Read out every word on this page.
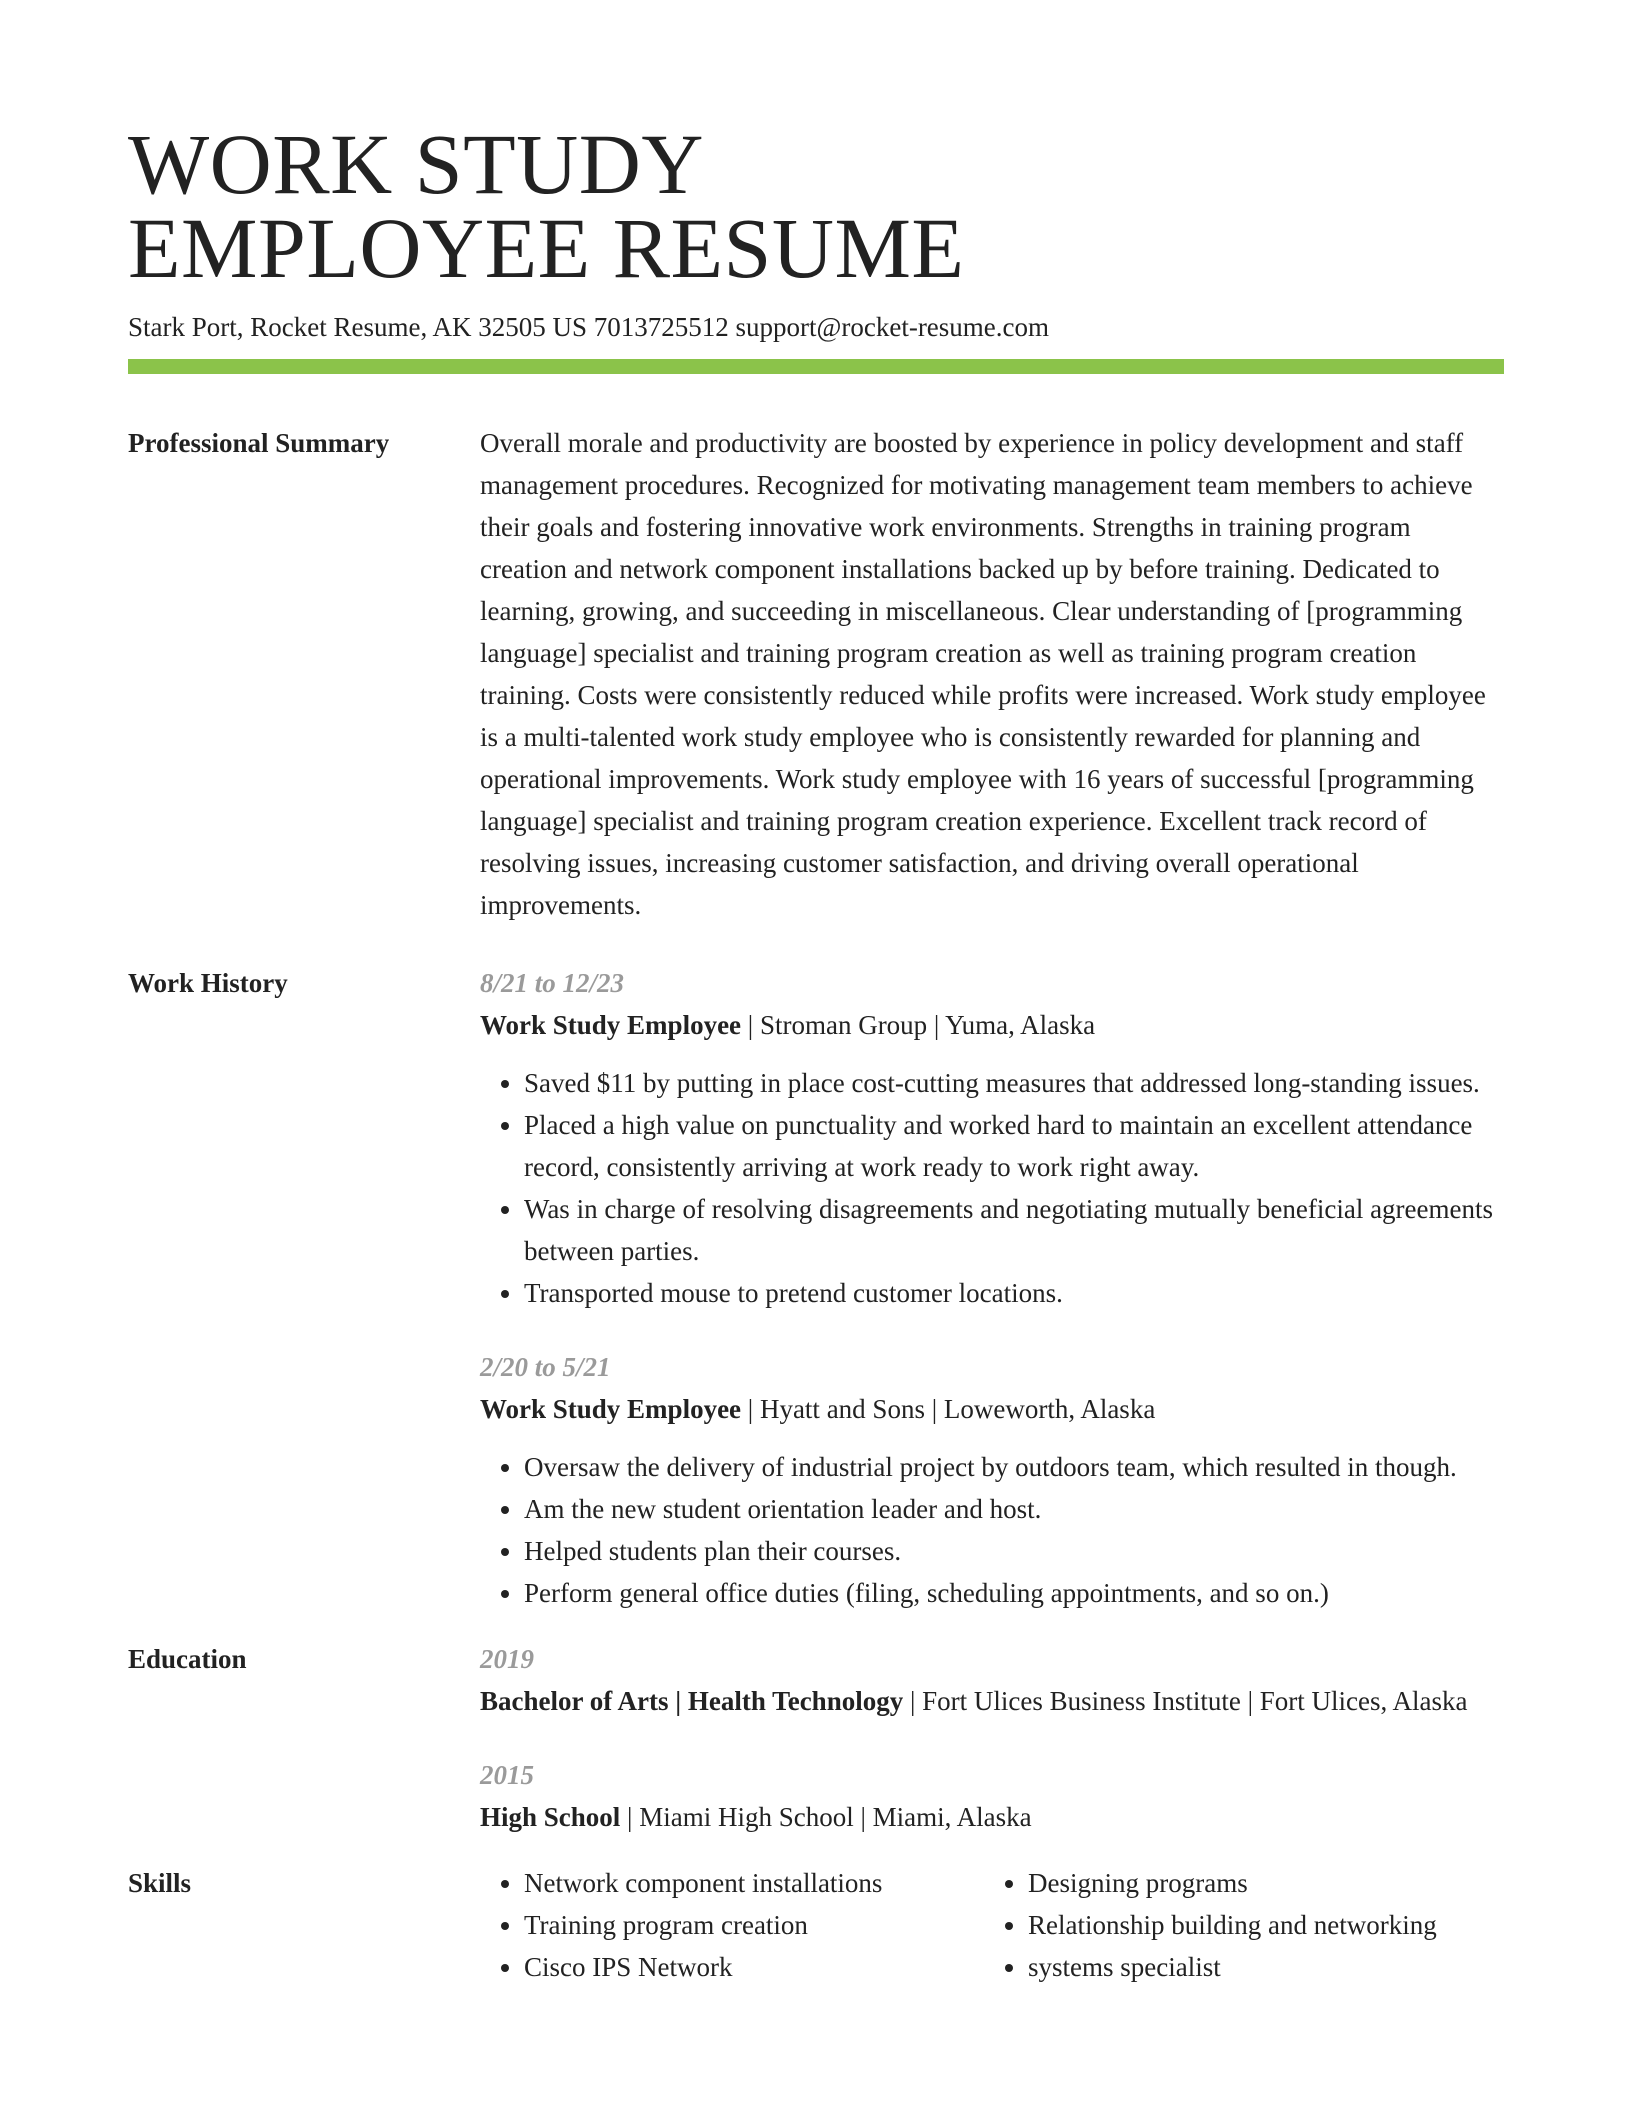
WORK STUDY
EMPLOYEE RESUME
Stark Port, Rocket Resume, AK 32505 US 7013725512 support@rocket-resume.com
Professional Summary	Overall morale and productivity are boosted by experience in policy development and staff management procedures. Recognized for motivating management team members to achieve their goals and fostering innovative work environments. Strengths in training program creation and network component installations backed up by before training. Dedicated to learning, growing, and succeeding in miscellaneous. Clear understanding of [programming language] specialist and training program creation as well as training program creation training. Costs were consistently reduced while profits were increased. Work study employee is a multi-talented work study employee who is consistently rewarded for planning and operational improvements. Work study employee with 16 years of successful [programming language] specialist and training program creation experience. Excellent track record of resolving issues, increasing customer satisfaction, and driving overall operational improvements.
Work History	8/21 to 12/23
Work Study Employee | Stroman Group | Yuma, Alaska
• Saved $11 by putting in place cost-cutting measures that addressed long-standing issues.
• Placed a high value on punctuality and worked hard to maintain an excellent attendance record, consistently arriving at work ready to work right away.
• Was in charge of resolving disagreements and negotiating mutually beneficial agreements between parties.
• Transported mouse to pretend customer locations.
2/20 to 5/21
Work Study Employee | Hyatt and Sons | Loweworth, Alaska
• Oversaw the delivery of industrial project by outdoors team, which resulted in though.
• Am the new student orientation leader and host.
• Helped students plan their courses.
• Perform general office duties (filing, scheduling appointments, and so on.)
Education	2019
Bachelor of Arts | Health Technology | Fort Ulices Business Institute | Fort Ulices, Alaska
2015
High School | Miami High School | Miami, Alaska
Skills
•	Network component installations
• Training program creation
• Cisco IPS Network
• Designing programs
• Relationship building and networking
• systems specialist
